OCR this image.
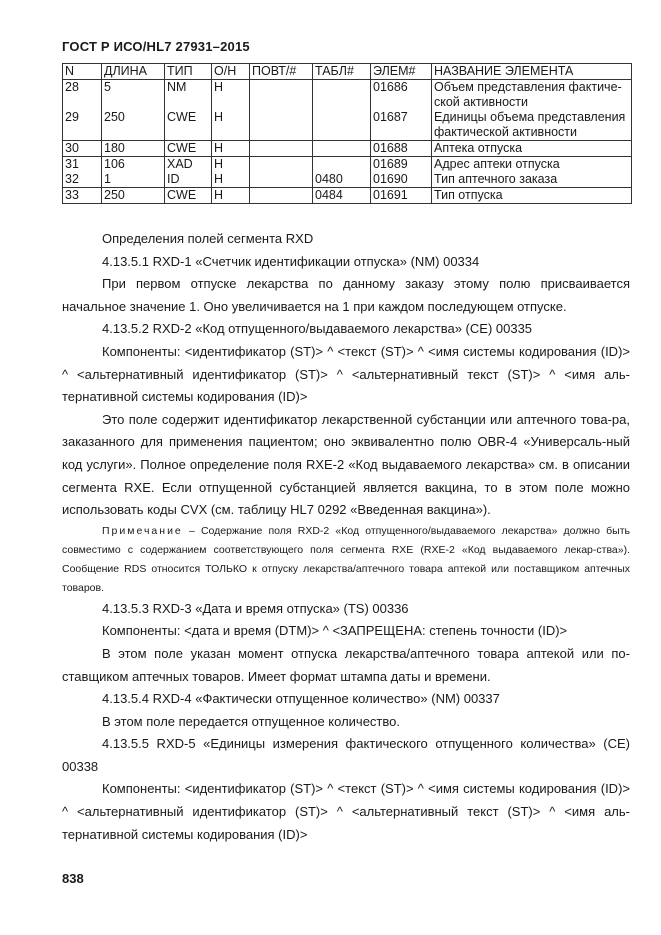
ГОСТ Р ИСО/HL7 27931–2015
N	ДЛИНА	ТИП	О/Н	ПОВТ/#	ТАБЛ#	ЭЛЕМ#	НАЗВАНИЕ ЭЛЕМЕНТА
28	5	NM	Н			01686	Объем представления фактиче-ской активности
29	250	CWE	Н			01687	Единицы объема представления фактической активности
30	180	CWE	Н			01688	Аптека отпуска
31	106	XAD	Н			01689	Адрес аптеки отпуска
32	1	ID	Н		0480	01690	Тип аптечного заказа
33	250	CWE	Н		0484	01691	Тип отпуска

Определения полей сегмента RXD

4.13.5.1 RXD-1 «Счетчик идентификации отпуска» (NM) 00334

При первом отпуске лекарства по данному заказу этому полю присваивается начальное значение 1. Оно увеличивается на 1 при каждом последующем отпуске.

4.13.5.2 RXD-2 «Код отпущенного/выдаваемого лекарства» (CE) 00335

Компоненты: <идентификатор (ST)> ^ <текст (ST)> ^ <имя системы кодирования (ID)> ^ <альтернативный идентификатор (ST)> ^ <альтернативный текст (ST)> ^ <имя аль-тернативной системы кодирования (ID)>

Это поле содержит идентификатор лекарственной субстанции или аптечного това-ра, заказанного для применения пациентом; оно эквивалентно полю OBR-4 «Универсаль-ный код услуги». Полное определение поля RXE-2 «Код выдаваемого лекарства» см. в описании сегмента RXE. Если отпущенной субстанцией является вакцина, то в этом поле можно использовать коды CVX (см. таблицу HL7 0292 «Введенная вакцина»).

Примечание – Содержание поля RXD-2 «Код отпущенного/выдаваемого лекарства» должно быть совместимо с содержанием соответствующего поля сегмента RXE (RXE-2 «Код выдаваемого лекар-ства»). Сообщение RDS относится ТОЛЬКО к отпуску лекарства/аптечного товара аптекой или поставщиком аптечных товаров.

4.13.5.3 RXD-3 «Дата и время отпуска» (TS) 00336

Компоненты: <дата и время (DTM)> ^ <ЗАПРЕЩЕНА: степень точности (ID)>

В этом поле указан момент отпуска лекарства/аптечного товара аптекой или по-ставщиком аптечных товаров. Имеет формат штампа даты и времени.

4.13.5.4 RXD-4 «Фактически отпущенное количество» (NM) 00337

В этом поле передается отпущенное количество.

4.13.5.5 RXD-5 «Единицы измерения фактического отпущенного количества» (CE) 00338

Компоненты: <идентификатор (ST)> ^ <текст (ST)> ^ <имя системы кодирования (ID)> ^ <альтернативный идентификатор (ST)> ^ <альтернативный текст (ST)> ^ <имя аль-тернативной системы кодирования (ID)>

838
